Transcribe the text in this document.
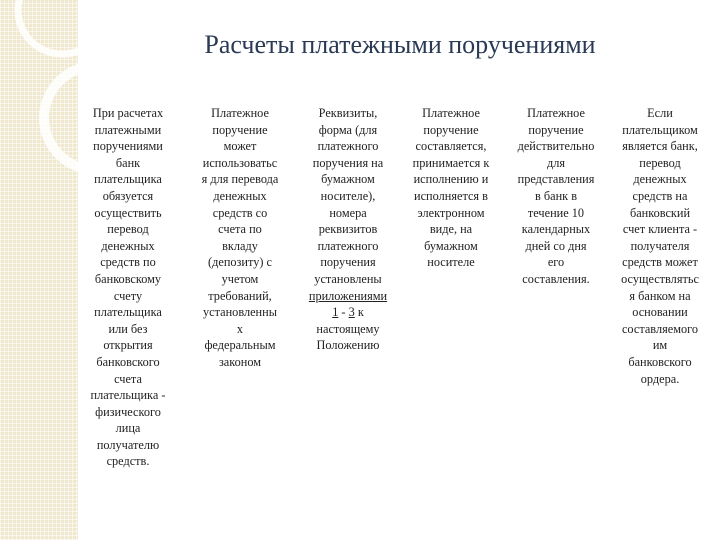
Расчеты платежными поручениями
При расчетах
платежными
поручениями
банк
плательщика
обязуется
осуществить
перевод
денежных
средств по
банковскому
счету
плательщика
или без
открытия
банковского
счета
плательщика -
физического
лица
получателю
средств.
Платежное
поручение
может
использоватьс
я для перевода
денежных
средств со
счета по
вкладу
(депозиту) с
учетом
требований,
установленны
х
федеральным
законом
Реквизиты,
форма (для
платежного
поручения на
бумажном
носителе),
номера
реквизитов
платежного
поручения
установлены
приложениями
1 - 3 к
настоящему
Положению
Платежное
поручение
составляется,
принимается к
исполнению и
исполняется в
электронном
виде, на
бумажном
носителе
Платежное
поручение
действительно
для
представления
в банк в
течение 10
календарных
дней со дня
его
составления.
Если
плательщиком
является банк,
перевод
денежных
средств на
банковский
счет клиента -
получателя
средств может
осуществлятьс
я банком на
основании
составляемого
им
банковского
ордера.
